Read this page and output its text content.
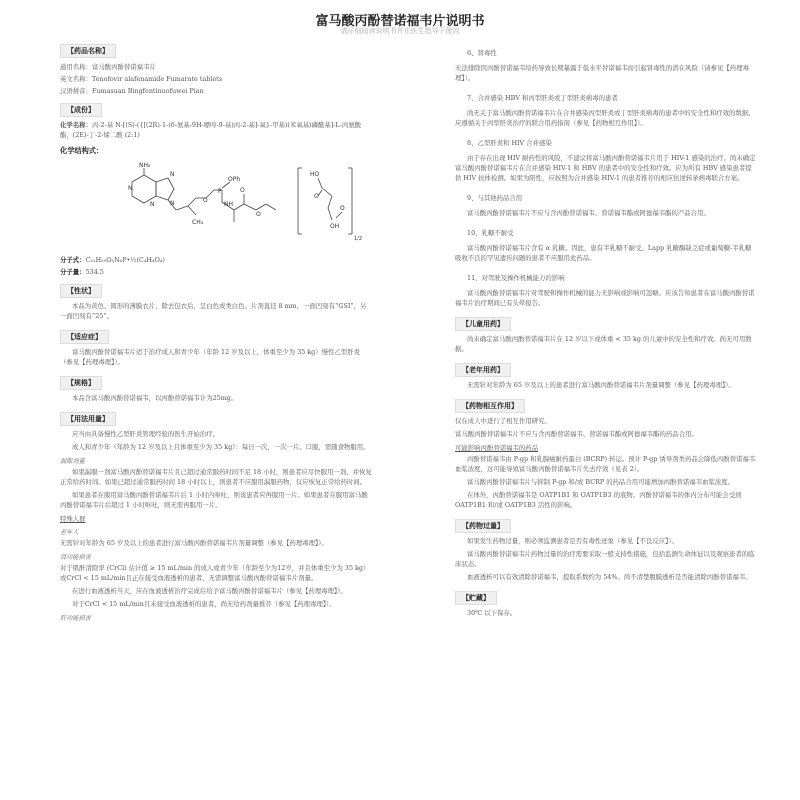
富马酸丙酚替诺福韦片说明书
请仔细阅读说明书并在医生指导下使用
【药品名称】

通用名称：富马酸丙酚替诺福韦片

英文名称：Tenofovir alafenamide Fumarate tablets

汉语拼音：Fumasuan Bingfentinuofuwei Pian

【成份】

化学名称：丙-2-基 N-[(S)-({[(2R)-1-(6-氨基-9H-嘌呤-9-基)丙-2-基]-氧}-甲基)(苯氧基)磷酰基]-L-丙氨酸酯，(2E)-丁-2-烯二酸 (2:1)

化学结构式：
NH₂
N
N
N
N
CH₃
O
P
OPh
NH
O
O
HO
O
O
OH
1/2

分子式：C₂₁H₂₉O₅N₆P•½(C₄H₄O₄)

分子量：534.5

【性状】

本品为黄色、圆形的薄膜衣片，除去包衣后，呈白色或类白色。片剂直径 8 mm，一面凹刻有“GSI”，另一面凹刻有“25”。

【适应症】

富马酸丙酚替诺福韦片适于治疗成人和青少年（年龄 12 岁及以上，体重至少为 35 kg）慢性乙型肝炎（参见【药理毒理】）。

【规格】

本品含富马酸丙酚替诺福韦，以丙酚替诺福韦计为25mg。

【用法用量】

应当由具备慢性乙型肝炎管理经验的医生开始治疗。

成人和青少年（年龄为 12 岁及以上且体重至少为 35 kg）：每日一次，一次一片。口服，需随食物服用。

漏服剂量

如果漏服一剂富马酸丙酚替诺福韦片且已超过通常服药时间不足 18 小时，则患者应尽快服用一剂，并恢复正常给药时间。如果已超过通常服药时间 18 小时以上，则患者不应服用漏服药物，仅应恢复正常给药时间。

如果患者在服用富马酸丙酚替诺福韦片后 1 小时内呕吐，则该患者应再服用一片。如果患者在服用富马酸丙酚替诺福韦片后超过 1 小时呕吐，则无需再服用一片。

特殊人群
老年人

无需针对年龄为 65 岁及以上的患者进行富马酸丙酚替诺福韦片剂量调整（参见【药理毒理】）。

肾功能损害

对于肌酐清除率 (CrCl) 估计值 ≥ 15 mL/min 的成人或青少年（年龄至少为12岁，并且体重至少为 35 kg）或CrCl < 15 mL/min且正在接受血液透析的患者，无需调整富马酸丙酚替诺福韦片剂量。

在进行血液透析当天，应在血液透析治疗完成后给予富马酸丙酚替诺福韦片（参见【药理毒理】）。

对于CrCl < 15 mL/min且未接受血液透析的患者，尚无给药剂量推荐（参见【药理毒理】）。

肝功能损害
6、肾毒性

无法排除因丙酚替诺福韦给药导致长期暴露于低水平替诺福韦而引起肾毒性的潜在风险（请参见【药理毒理】）。

7、合并感染 HBV 和丙型肝炎或丁型肝炎病毒的患者

尚无关于富马酸丙酚替诺福韦片在合并感染丙型肝炎或丁型肝炎病毒的患者中的安全性和疗效的数据。应遵循关于丙型肝炎治疗的联合用药指南（参见【药物相互作用】）。

8、乙型肝炎和 HIV 合并感染

由于存在出现 HIV 耐药性的风险，不建议将富马酸丙酚替诺福韦片用于 HIV-1 感染的治疗。尚未确定富马酸丙酚替诺福韦片在合并感染 HIV-1 和 HBV 的患者中的安全性和疗效。应为所有 HBV 感染患者提供 HIV 抗体检测。如果为阳性，应按照为合并感染 HIV-1 的患者推荐的相应抗逆转录病毒联合方案。

9、与其他药品合用

富马酸丙酚替诺福韦片不应与含丙酚替诺福韦、替诺福韦酯或阿德福韦酯的产品合用。

10、乳糖不耐受

富马酸丙酚替诺福韦片含有 α 乳糖。因此，患有半乳糖不耐受、Lapp 乳糖酶缺乏症或葡萄糖-半乳糖吸收不良的罕见遗传问题的患者不应服用此药品。

11、对驾驶及操作机械能力的影响

富马酸丙酚替诺福韦片对驾驶和操作机械的能力无影响或影响可忽略。应该告知患者在富马酸丙酚替诺福韦片治疗期间已有头晕报告。

【儿童用药】

尚未确定富马酸丙酚替诺福韦片在 12 岁以下或体重 < 35 kg 的儿童中的安全性和疗效。尚无可用数据。

【老年用药】

无需针对年龄为 65 岁及以上的患者进行富马酸丙酚替诺福韦片剂量调整（参见【药理毒理】）。

【药物相互作用】

仅在成人中进行了相互作用研究。

富马酸丙酚替诺福韦片不应与含丙酚替诺福韦、替诺福韦酯或阿德福韦酯的药品合用。

可能影响丙酚替诺福韦的药品

丙酚替诺福韦由 P-gp 和乳腺癌耐药蛋白 (BCRP) 转运。预计 P-gp 诱导剂类药品会降低丙酚替诺福韦血浆浓度，这可能导致富马酸丙酚替诺福韦片失去疗效（见表 2）。

富马酸丙酚替诺福韦片与抑制 P-gp 和/或 BCRP 的药品合用可能增加丙酚替诺福韦血浆浓度。

在体外，丙酚替诺福韦是 OATP1B1 和 OATP1B3 的底物。丙酚替诺福韦的体内分布可能会受到 OATP1B1 和/或 OATP1B3 活性的影响。

【药物过量】

如果发生药物过量，则必须监测患者是否有毒性迹象（参见【不良反应】）。

富马酸丙酚替诺福韦片药物过量的治疗需要采取一般支持性措施，包括监测生命体征以及观察患者的临床状态。

血液透析可以有效清除替诺福韦，提取系数约为 54%。尚不清楚腹膜透析是否能清除丙酚替诺福韦。

【贮藏】

30℃ 以下保存。
